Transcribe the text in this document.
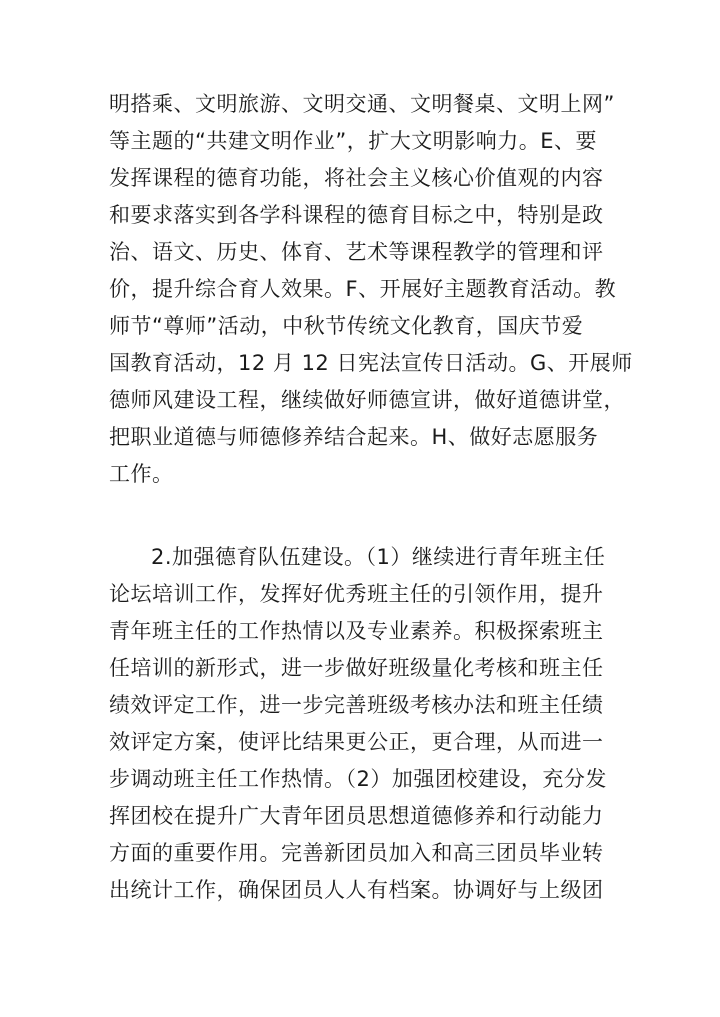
明搭乘、文明旅游、文明交通、文明餐桌、文明上网”
等主题的“共建文明作业”，扩大文明影响力。E、要
发挥课程的德育功能，将社会主义核心价值观的内容
和要求落实到各学科课程的德育目标之中，特别是政
治、语文、历史、体育、艺术等课程教学的管理和评
价，提升综合育人效果。F、开展好主题教育活动。教
师节“尊师”活动，中秋节传统文化教育，国庆节爱
国教育活动，12 月 12 日宪法宣传日活动。G、开展师
德师风建设工程，继续做好师德宣讲，做好道德讲堂，
把职业道德与师德修养结合起来。H、做好志愿服务
工作。
2.加强德育队伍建设。（1）继续进行青年班主任
论坛培训工作，发挥好优秀班主任的引领作用，提升
青年班主任的工作热情以及专业素养。积极探索班主
任培训的新形式，进一步做好班级量化考核和班主任
绩效评定工作，进一步完善班级考核办法和班主任绩
效评定方案，使评比结果更公正，更合理，从而进一
步调动班主任工作热情。（2）加强团校建设，充分发
挥团校在提升广大青年团员思想道德修养和行动能力
方面的重要作用。完善新团员加入和高三团员毕业转
出统计工作，确保团员人人有档案。协调好与上级团
